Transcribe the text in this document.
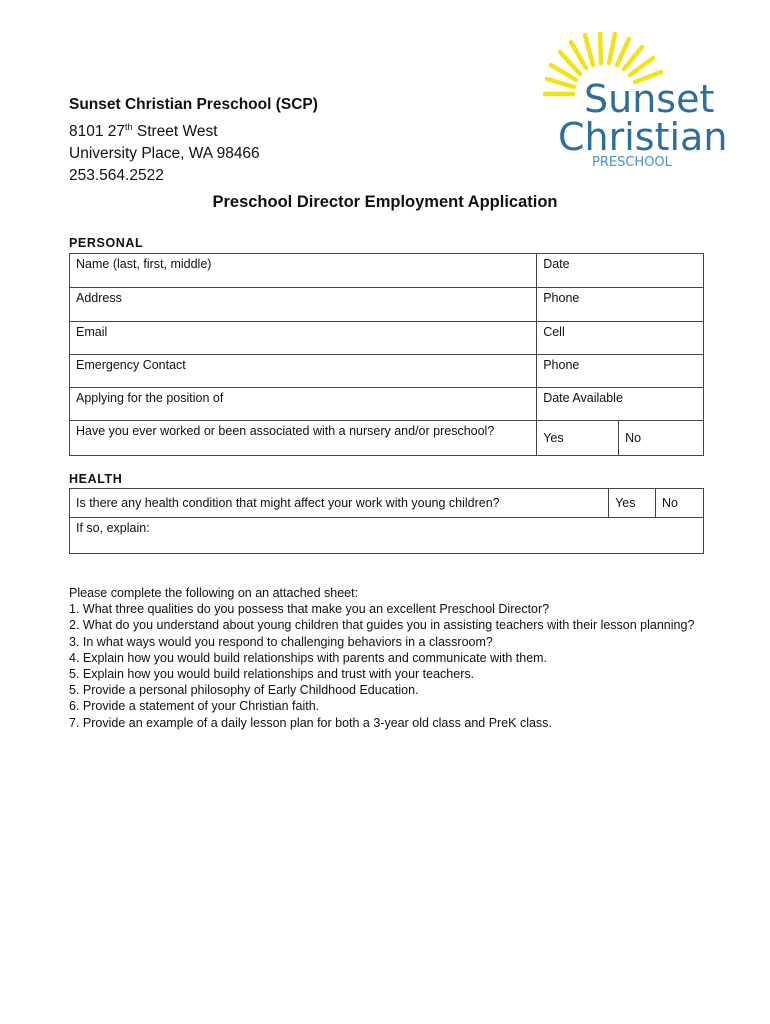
Sunset Christian Preschool (SCP)
8101 27th Street West
University Place, WA 98466
253.564.2522
Sunset
Christian
PRESCHOOL
Preschool Director Employment Application
PERSONAL
Name (last, first, middle)	Date	
Address	Phone	
Email	Cell	
Emergency Contact	Phone	
Applying for the position of	Date Available	
Have you ever worked or been associated with a nursery and/or preschool?	Yes	No
HEALTH
Is there any health condition that might affect your work with young children?	Yes	No
If so, explain:
Please complete the following on an attached sheet:
1. What three qualities do you possess that make you an excellent Preschool Director?
2. What do you understand about young children that guides you in assisting teachers with their lesson planning?
3. In what ways would you respond to challenging behaviors in a classroom?
4. Explain how you would build relationships with parents and communicate with them.
5. Explain how you would build relationships and trust with your teachers.
5. Provide a personal philosophy of Early Childhood Education.
6. Provide a statement of your Christian faith.
7. Provide an example of a daily lesson plan for both a 3-year old class and PreK class.
